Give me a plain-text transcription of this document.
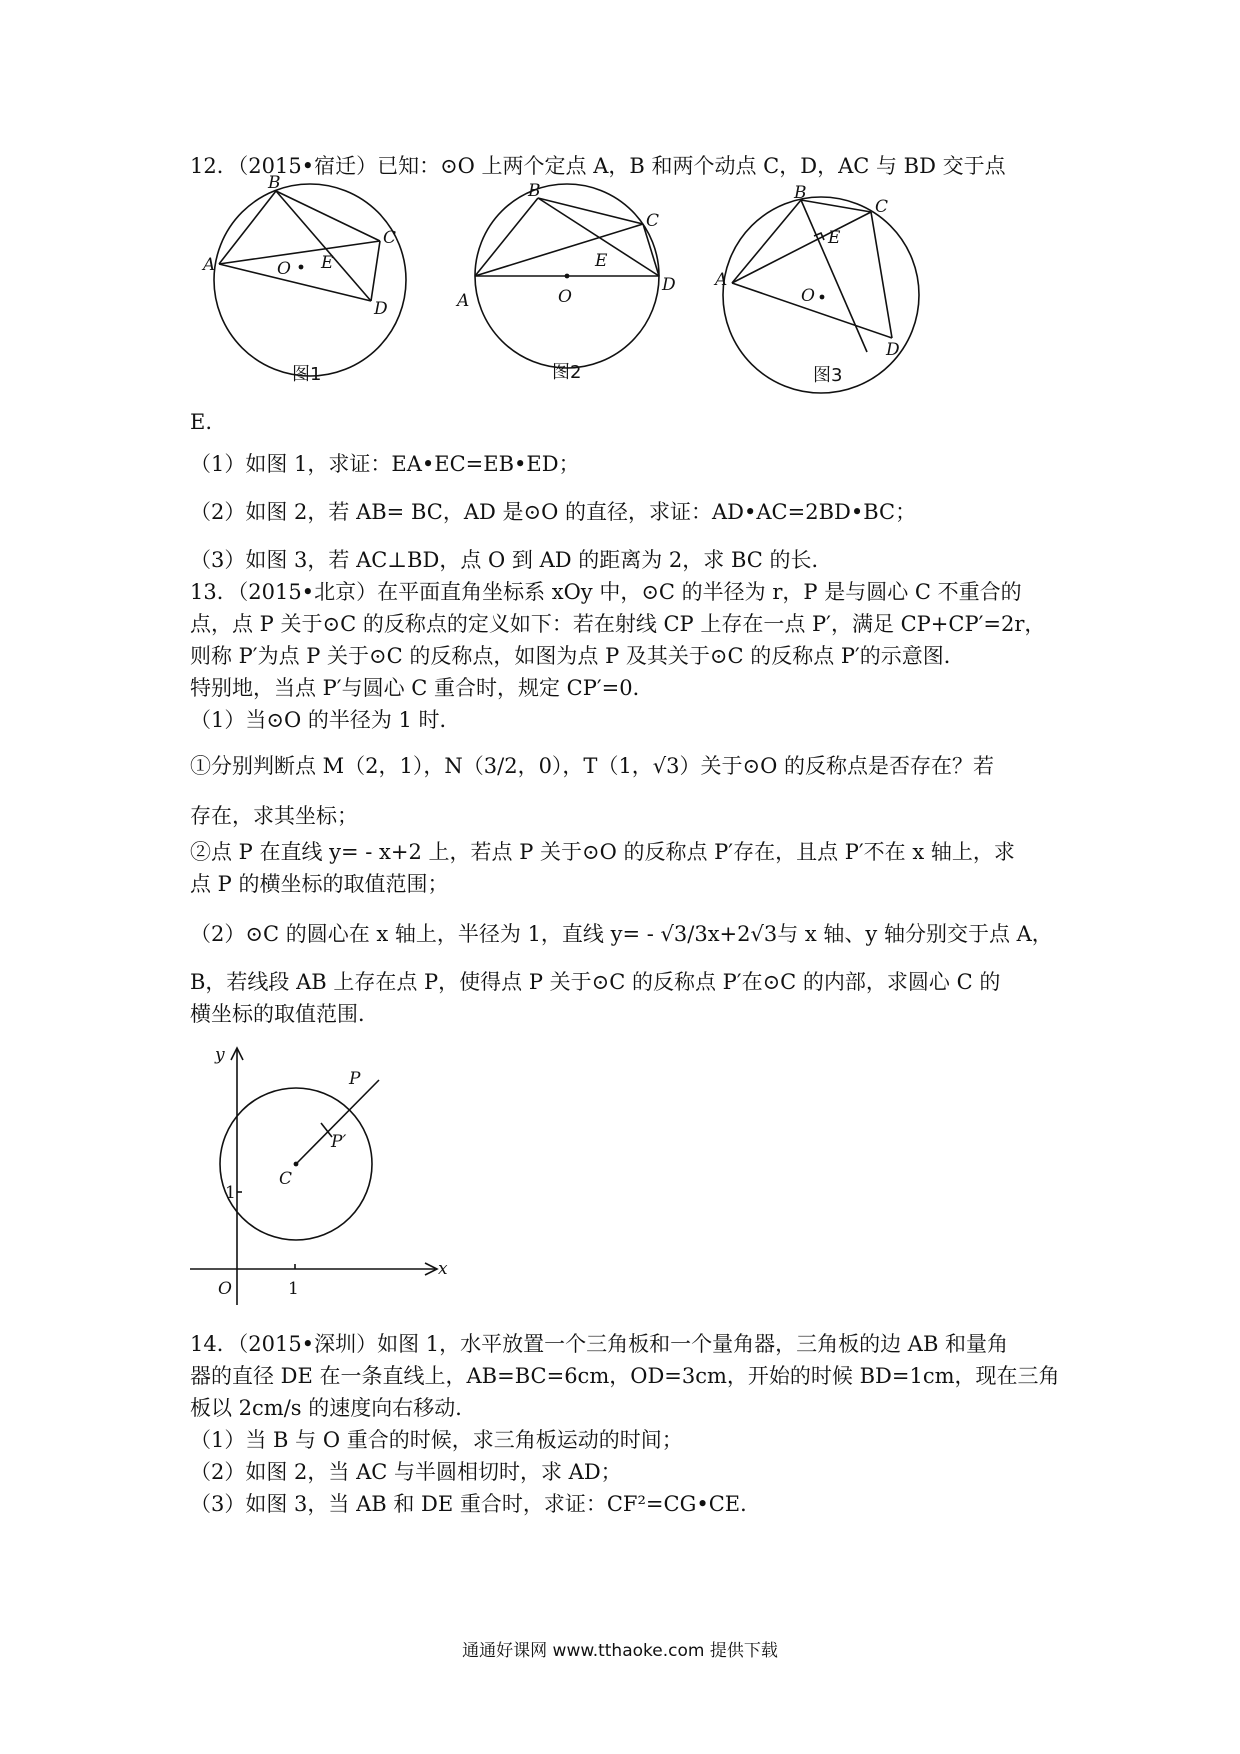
12．（2015•宿迁）已知：⊙O 上两个定点 A，B 和两个动点 C，D，AC 与 BD 交于点
B
A
C
D
E
O
图1
B
A
C
D
E
O
图2
B
A
C
D
E
O
图3
E.
（1）如图 1，求证：EA•EC=EB•ED；
（2）如图 2，若 AB= BC，AD 是⊙O 的直径，求证：AD•AC=2BD•BC；
（3）如图 3，若 AC⊥BD，点 O 到 AD 的距离为 2，求 BC 的长．
13．（2015•北京）在平面直角坐标系 xOy 中，⊙C 的半径为 r，P 是与圆心 C 不重合的
点，点 P 关于⊙C 的反称点的定义如下：若在射线 CP 上存在一点 P′，满足 CP+CP′=2r，
则称 P′为点 P 关于⊙C 的反称点，如图为点 P 及其关于⊙C 的反称点 P′的示意图．
特别地，当点 P′与圆心 C 重合时，规定 CP′=0．
（1）当⊙O 的半径为 1 时．
①分别判断点 M（2，1），N（3/2，0），T（1，√3）关于⊙O 的反称点是否存在？若
存在，求其坐标；
②点 P 在直线 y= - x+2 上，若点 P 关于⊙O 的反称点 P′存在，且点 P′不在 x 轴上，求
点 P 的横坐标的取值范围；
（2）⊙C 的圆心在 x 轴上，半径为 1，直线 y= - √3/3x+2√3与 x 轴、y 轴分别交于点 A，
B，若线段 AB 上存在点 P，使得点 P 关于⊙C 的反称点 P′在⊙C 的内部，求圆心 C 的
横坐标的取值范围．
y
x
O	1
1
C
P
P′
14．（2015•深圳）如图 1，水平放置一个三角板和一个量角器，三角板的边 AB 和量角
器的直径 DE 在一条直线上，AB=BC=6cm，OD=3cm，开始的时候 BD=1cm，现在三角
板以 2cm/s 的速度向右移动．
（1）当 B 与 O 重合的时候，求三角板运动的时间；
（2）如图 2，当 AC 与半圆相切时，求 AD；
（3）如图 3，当 AB 和 DE 重合时，求证：CF²=CG•CE．
通通好课网 www.tthaoke.com 提供下载
